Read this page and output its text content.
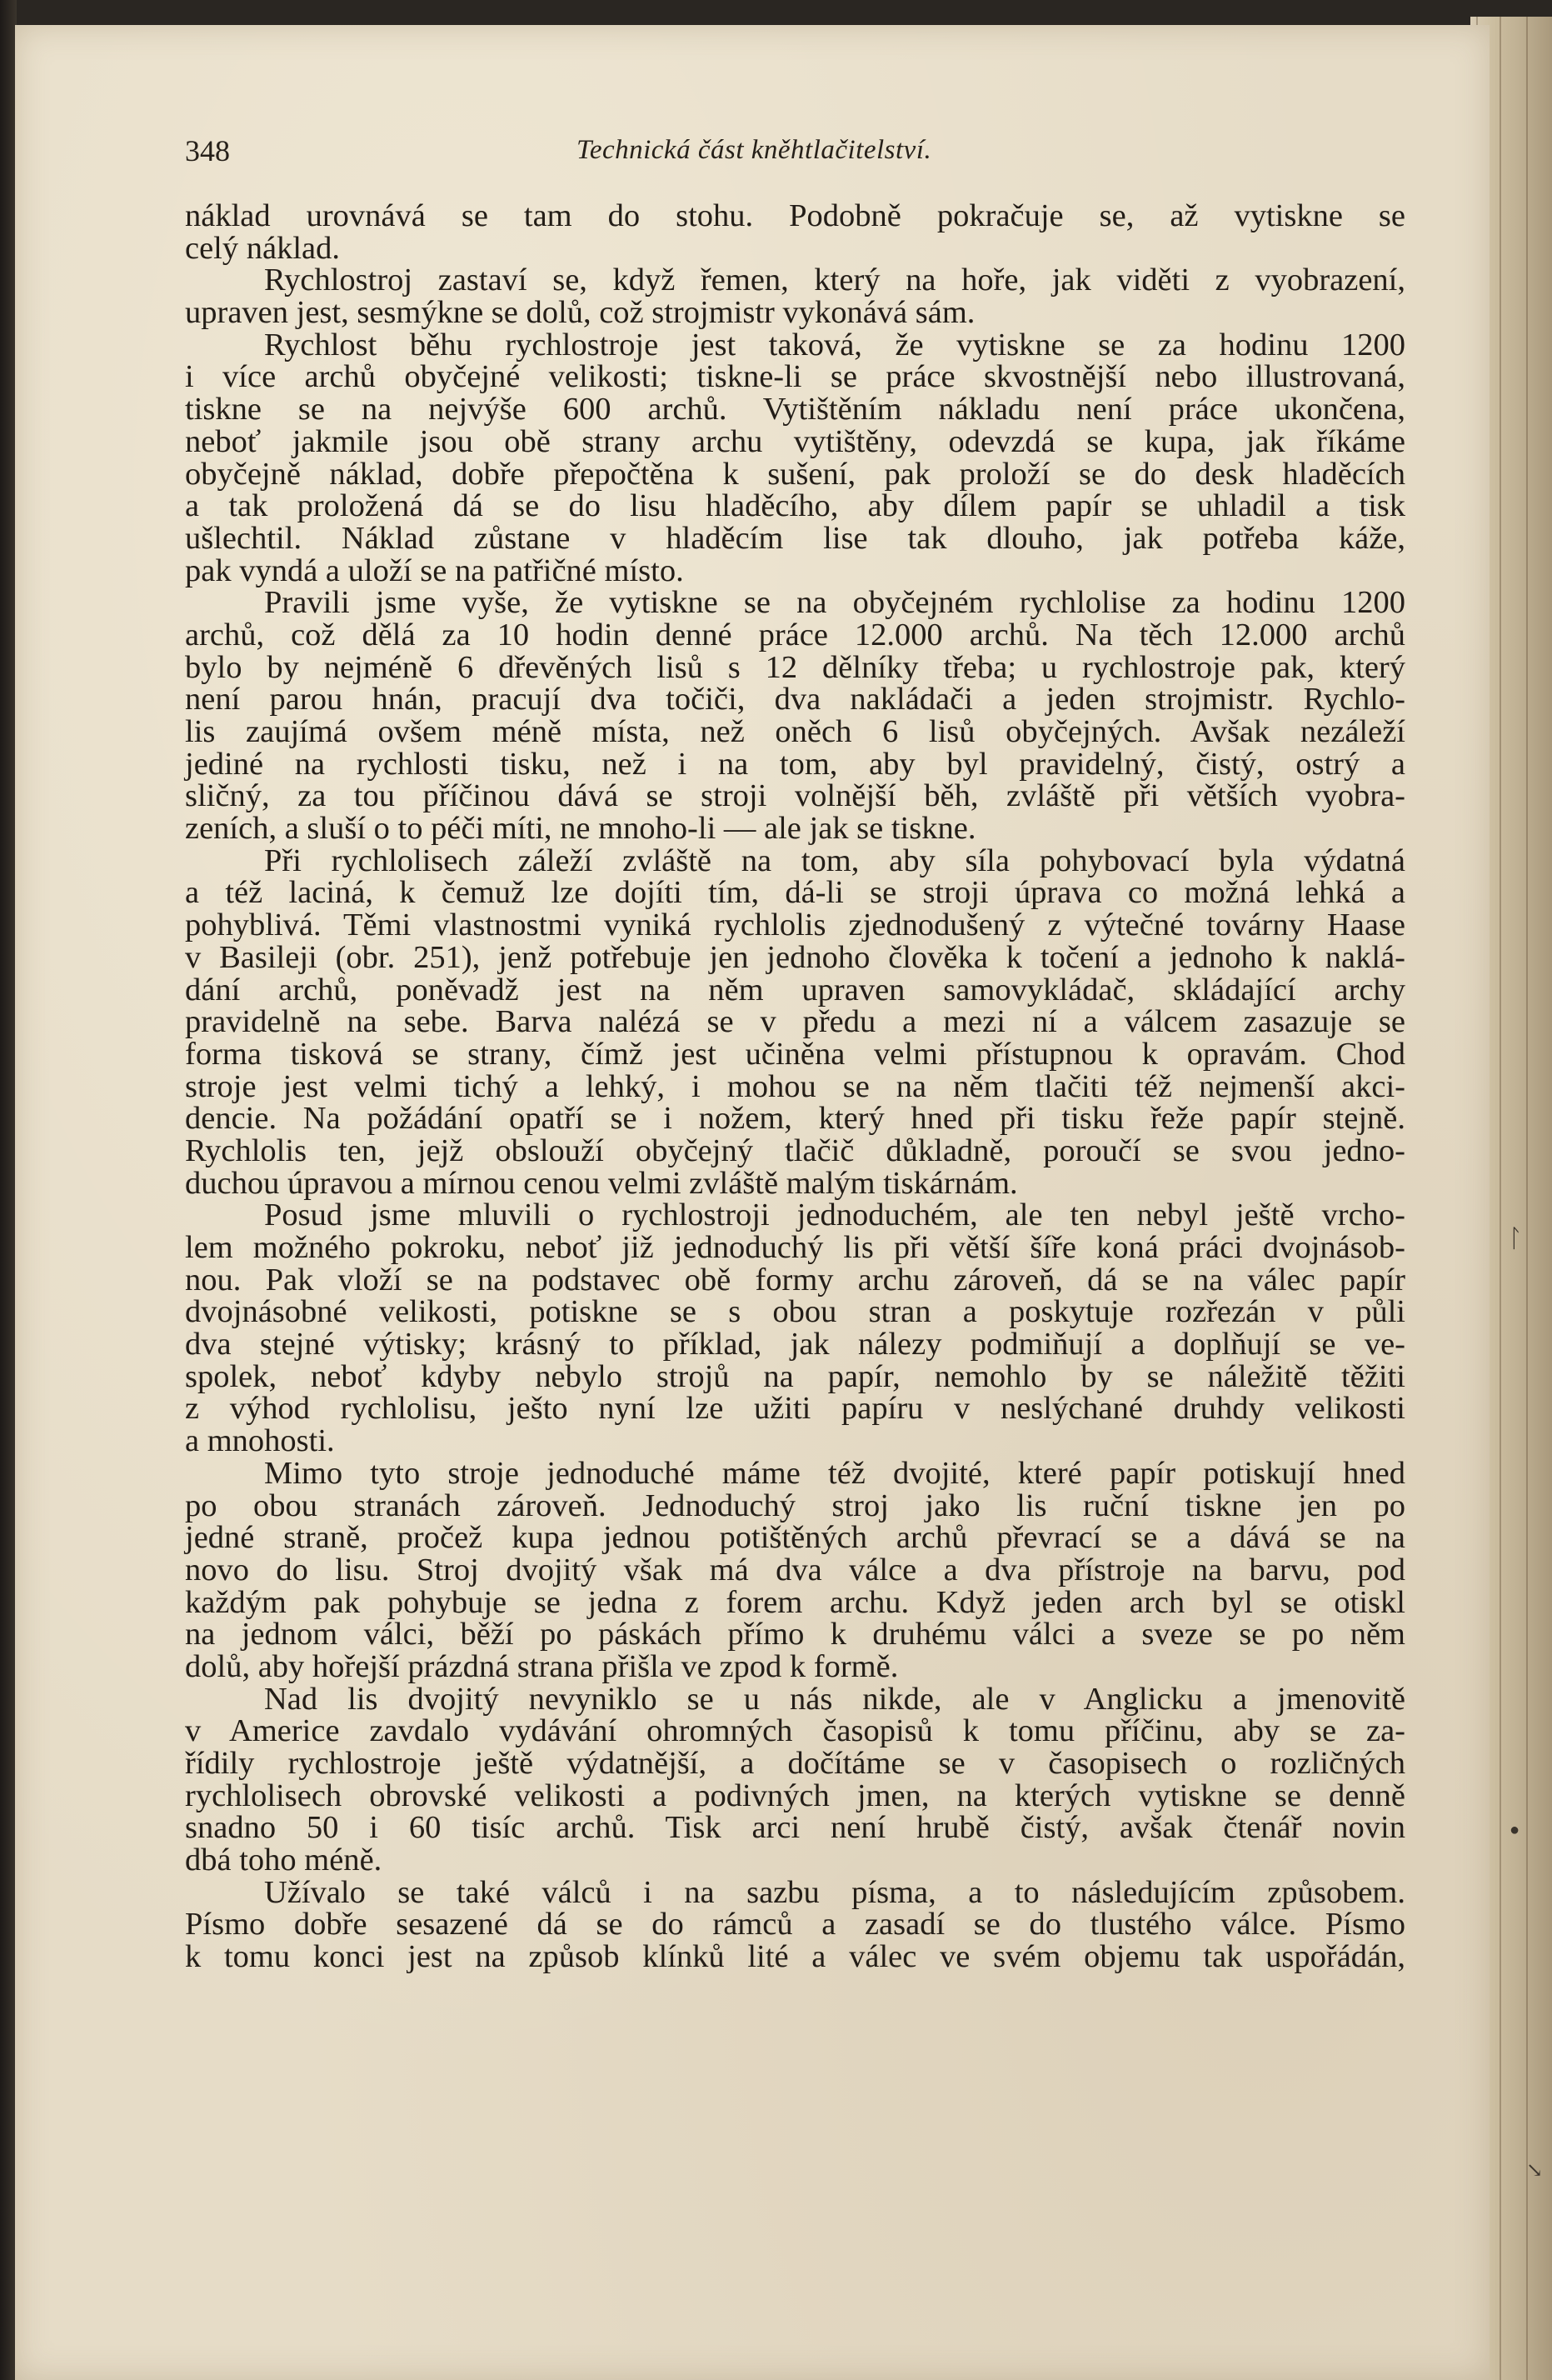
348	Technická část kněhtlačitelství.
náklad urovnává se tam do stohu. Podobně pokračuje se, až vytiskne se
celý náklad.
Rychlostroj zastaví se, když řemen, který na hoře, jak viděti z vyobrazení,
upraven jest, sesmýkne se dolů, což strojmistr vykonává sám.
Rychlost běhu rychlostroje jest taková, že vytiskne se za hodinu 1200
i více archů obyčejné velikosti; tiskne-li se práce skvostnější nebo illustrovaná,
tiskne se na nejvýše 600 archů. Vytištěním nákladu není práce ukončena,
neboť jakmile jsou obě strany archu vytištěny, odevzdá se kupa, jak říkáme
obyčejně náklad, dobře přepočtěna k sušení, pak proloží se do desk hladěcích
a tak proložená dá se do lisu hladěcího, aby dílem papír se uhladil a tisk
ušlechtil. Náklad zůstane v hladěcím lise tak dlouho, jak potřeba káže,
pak vyndá a uloží se na patřičné místo.
Pravili jsme vyše, že vytiskne se na obyčejném rychlolise za hodinu 1200
archů, což dělá za 10 hodin denné práce 12.000 archů. Na těch 12.000 archů
bylo by nejméně 6 dřevěných lisů s 12 dělníky třeba; u rychlostroje pak, který
není parou hnán, pracují dva točiči, dva nakládači a jeden strojmistr. Rychlo-
lis zaujímá ovšem méně místa, než oněch 6 lisů obyčejných. Avšak nezáleží
jediné na rychlosti tisku, než i na tom, aby byl pravidelný, čistý, ostrý a
sličný, za tou příčinou dává se stroji volnější běh, zvláště při větších vyobra-
zeních, a sluší o to péči míti, ne mnoho-li — ale jak se tiskne.
Při rychlolisech záleží zvláště na tom, aby síla pohybovací byla výdatná
a též laciná, k čemuž lze dojíti tím, dá-li se stroji úprava co možná lehká a
pohyblivá. Těmi vlastnostmi vyniká rychlolis zjednodušený z výtečné továrny Haase
v Basileji (obr. 251), jenž potřebuje jen jednoho člověka k točení a jednoho k naklá-
dání archů, poněvadž jest na něm upraven samovykládač, skládající archy
pravidelně na sebe. Barva nalézá se v předu a mezi ní a válcem zasazuje se
forma tisková se strany, čímž jest učiněna velmi přístupnou k opravám. Chod
stroje jest velmi tichý a lehký, i mohou se na něm tlačiti též nejmenší akci-
dencie. Na požádání opatří se i nožem, který hned při tisku řeže papír stejně.
Rychlolis ten, jejž obslouží obyčejný tlačič důkladně, poroučí se svou jedno-
duchou úpravou a mírnou cenou velmi zvláště malým tiskárnám.
Posud jsme mluvili o rychlostroji jednoduchém, ale ten nebyl ještě vrcho-
lem možného pokroku, neboť již jednoduchý lis při větší šíře koná práci dvojnásob-
nou. Pak vloží se na podstavec obě formy archu zároveň, dá se na válec papír
dvojnásobné velikosti, potiskne se s obou stran a poskytuje rozřezán v půli
dva stejné výtisky; krásný to příklad, jak nálezy podmiňují a doplňují se ve-
spolek, neboť kdyby nebylo strojů na papír, nemohlo by se náležitě těžiti
z výhod rychlolisu, ješto nyní lze užiti papíru v neslýchané druhdy velikosti
a mnohosti.
Mimo tyto stroje jednoduché máme též dvojité, které papír potiskují hned
po obou stranách zároveň. Jednoduchý stroj jako lis ruční tiskne jen po
jedné straně, pročež kupa jednou potištěných archů převrací se a dává se na
novo do lisu. Stroj dvojitý však má dva válce a dva přístroje na barvu, pod
každým pak pohybuje se jedna z forem archu. Když jeden arch byl se otiskl
na jednom válci, běží po páskách přímo k druhému válci a sveze se po něm
dolů, aby hořejší prázdná strana přišla ve zpod k formě.
Nad lis dvojitý nevyniklo se u nás nikde, ale v Anglicku a jmenovitě
v Americe zavdalo vydávání ohromných časopisů k tomu příčinu, aby se za-
řídily rychlostroje ještě výdatnější, a dočítáme se v časopisech o rozličných
rychlolisech obrovské velikosti a podivných jmen, na kterých vytiskne se denně
snadno 50 i 60 tisíc archů. Tisk arci není hrubě čistý, avšak čtenář novin
dbá toho méně.
Užívalo se také válců i na sazbu písma, a to následujícím způsobem.
Písmo dobře sesazené dá se do rámců a zasadí se do tlustého válce. Písmo
k tomu konci jest na způsob klínků lité a válec ve svém objemu tak uspořádán,
ᛚ
●
↘
